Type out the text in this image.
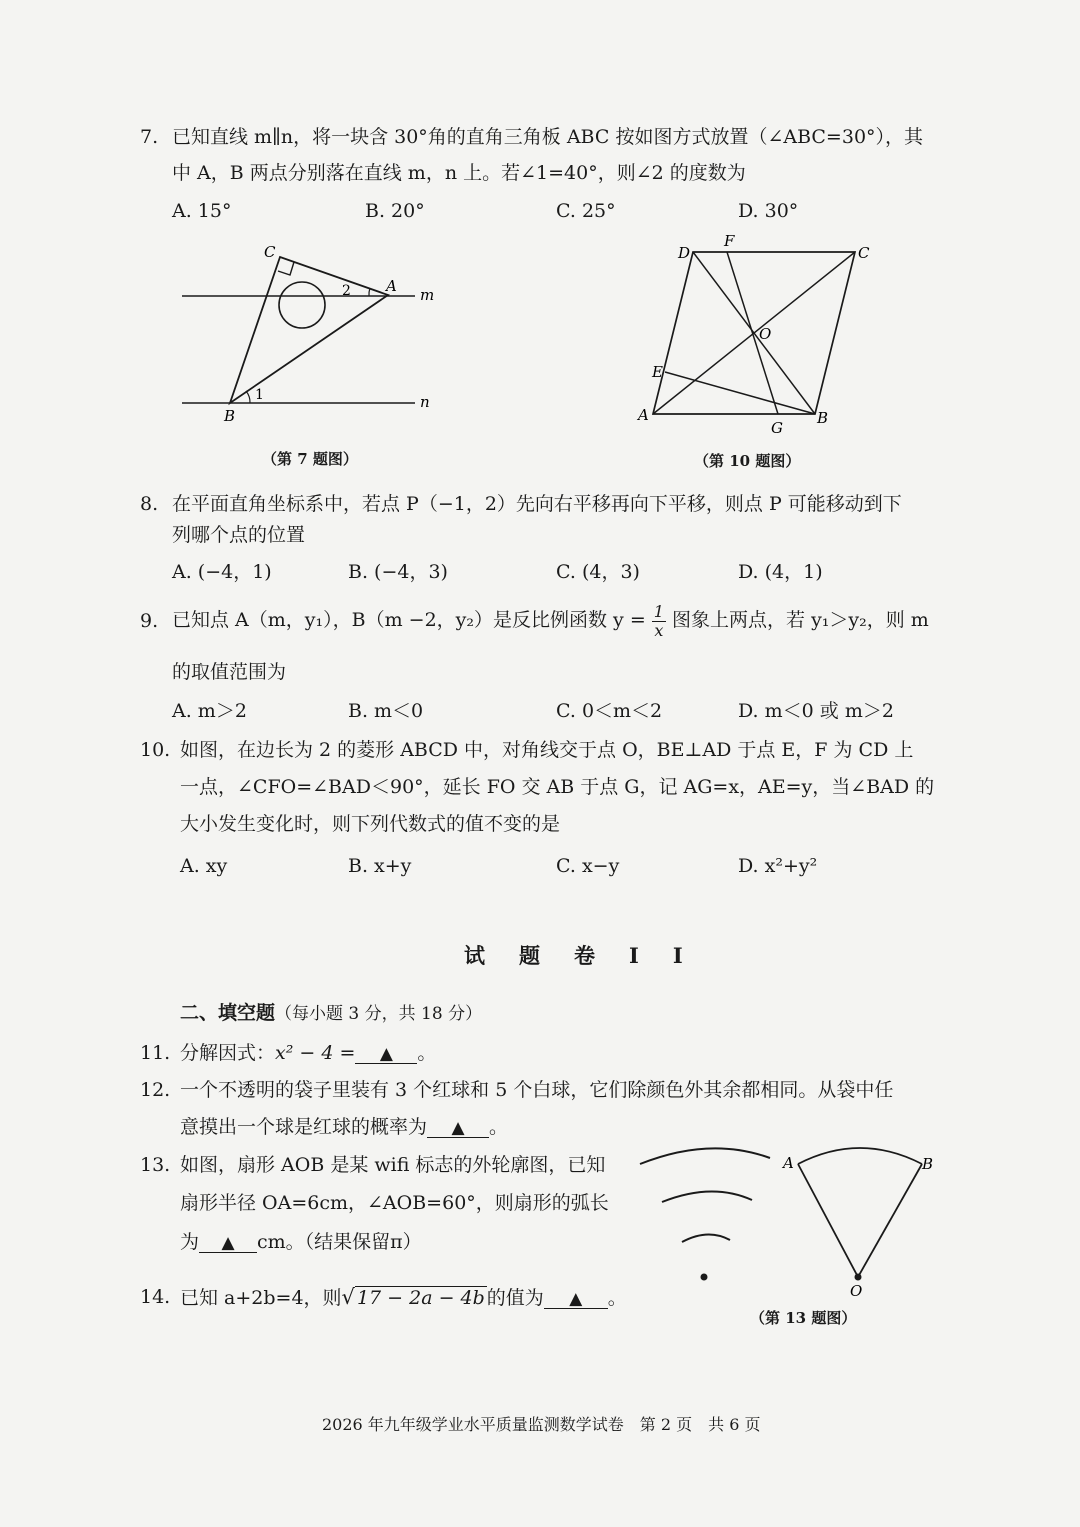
7. 已知直线 m∥n，将一块含 30°角的直角三角板 ABC 按如图方式放置（∠ABC=30°），其
中 A，B 两点分别落在直线 m，n 上。若∠1=40°，则∠2 的度数为
A. 15°	B. 20°	C. 25°	D. 30°
C
A m
n
B
1
2
（第 7 题图）
D
F
C
O
E
A
G
B
（第 10 题图）
8. 在平面直角坐标系中，若点 P（−1，2）先向右平移再向下平移，则点 P 可能移动到下
列哪个点的位置
A. (−4，1)	B. (−4，3)	C. (4，3)	D. (4，1)
9. 已知点 A（m，y₁），B（m −2，y₂）是反比例函数 $y = \frac{1}{x}$ 图象上两点，若 y₁＞y₂，则 m
的取值范围为
A. m＞2	B. m＜0	C. 0＜m＜2	D. m＜0 或 m＞2
10. 如图，在边长为 2 的菱形 ABCD 中，对角线交于点 O，BE⊥AD 于点 E，F 为 CD 上
一点，∠CFO=∠BAD＜90°，延长 FO 交 AB 于点 G，记 AG=x，AE=y，当∠BAD 的
大小发生变化时，则下列代数式的值不变的是
A. xy	B. x+y	C. x−y	D. x²+y²
试题卷II
二、填空题（每小题 3 分，共 18 分）
11. 分解因式：x² − 4 = ▲ 。
12. 一个不透明的袋子里装有 3 个红球和 5 个白球，它们除颜色外其余都相同。从袋中任
意摸出一个球是红球的概率为 ▲ 。
13. 如图，扇形 AOB 是某 wifi 标志的外轮廓图，已知
扇形半径 OA=6cm，∠AOB=60°，则扇形的弧长
为 ▲ cm。（结果保留π）
A	B
O
（第 13 题图）
14. 已知 a+2b=4，则√ 17 − 2a − 4b 的值为 ▲ 。
2026 年九年级学业水平质量监测数学试卷　第 2 页　共 6 页
